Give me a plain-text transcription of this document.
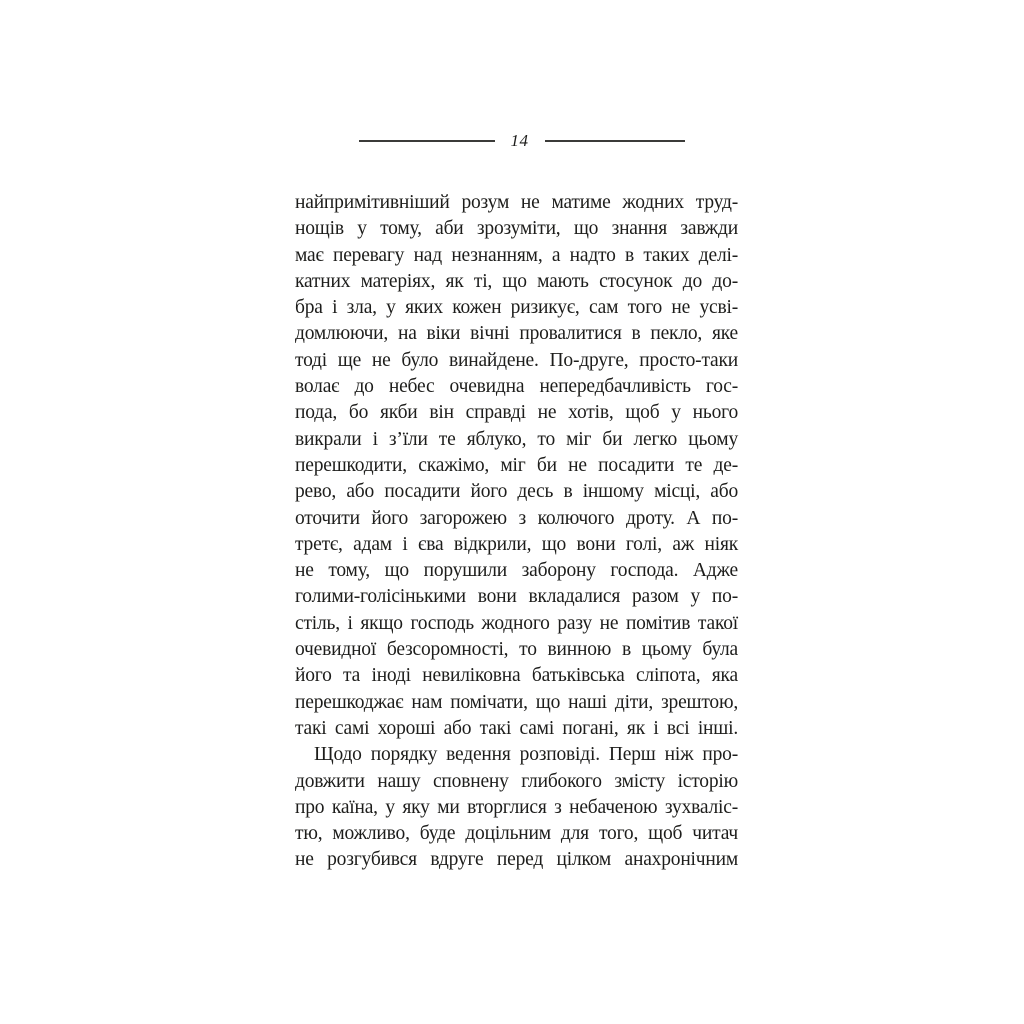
14
найпримітивніший розум не матиме жодних труд-
нощів у тому, аби зрозуміти, що знання завжди
має перевагу над незнанням, а надто в таких делі-
катних матеріях, як ті, що мають стосунок до до-
бра і зла, у яких кожен ризикує, сам того не усві-
домлюючи, на віки вічні провалитися в пекло, яке
тоді ще не було винайдене. По-друге, просто-таки
волає до небес очевидна непередбачливість гос-
пода, бо якби він справді не хотів, щоб у нього
викрали і з’їли те яблуко, то міг би легко цьому
перешкодити, скажімо, міг би не посадити те де-
рево, або посадити його десь в іншому місці, або
оточити його загорожею з колючого дроту. А по-
третє, адам і єва відкрили, що вони голі, аж ніяк
не тому, що порушили заборону господа. Адже
голими-голісінькими вони вкладалися разом у по-
стіль, і якщо господь жодного разу не помітив такої
очевидної безсоромності, то винною в цьому була
його та іноді невиліковна батьківська сліпота, яка
перешкоджає нам помічати, що наші діти, зрештою,
такі самі хороші або такі самі погані, як і всі інші.
Щодо порядку ведення розповіді. Перш ніж про-
довжити нашу сповнену глибокого змісту історію
про каїна, у яку ми вторглися з небаченою зухваліс-
тю, можливо, буде доцільним для того, щоб читач
не розгубився вдруге перед цілком анахронічним
